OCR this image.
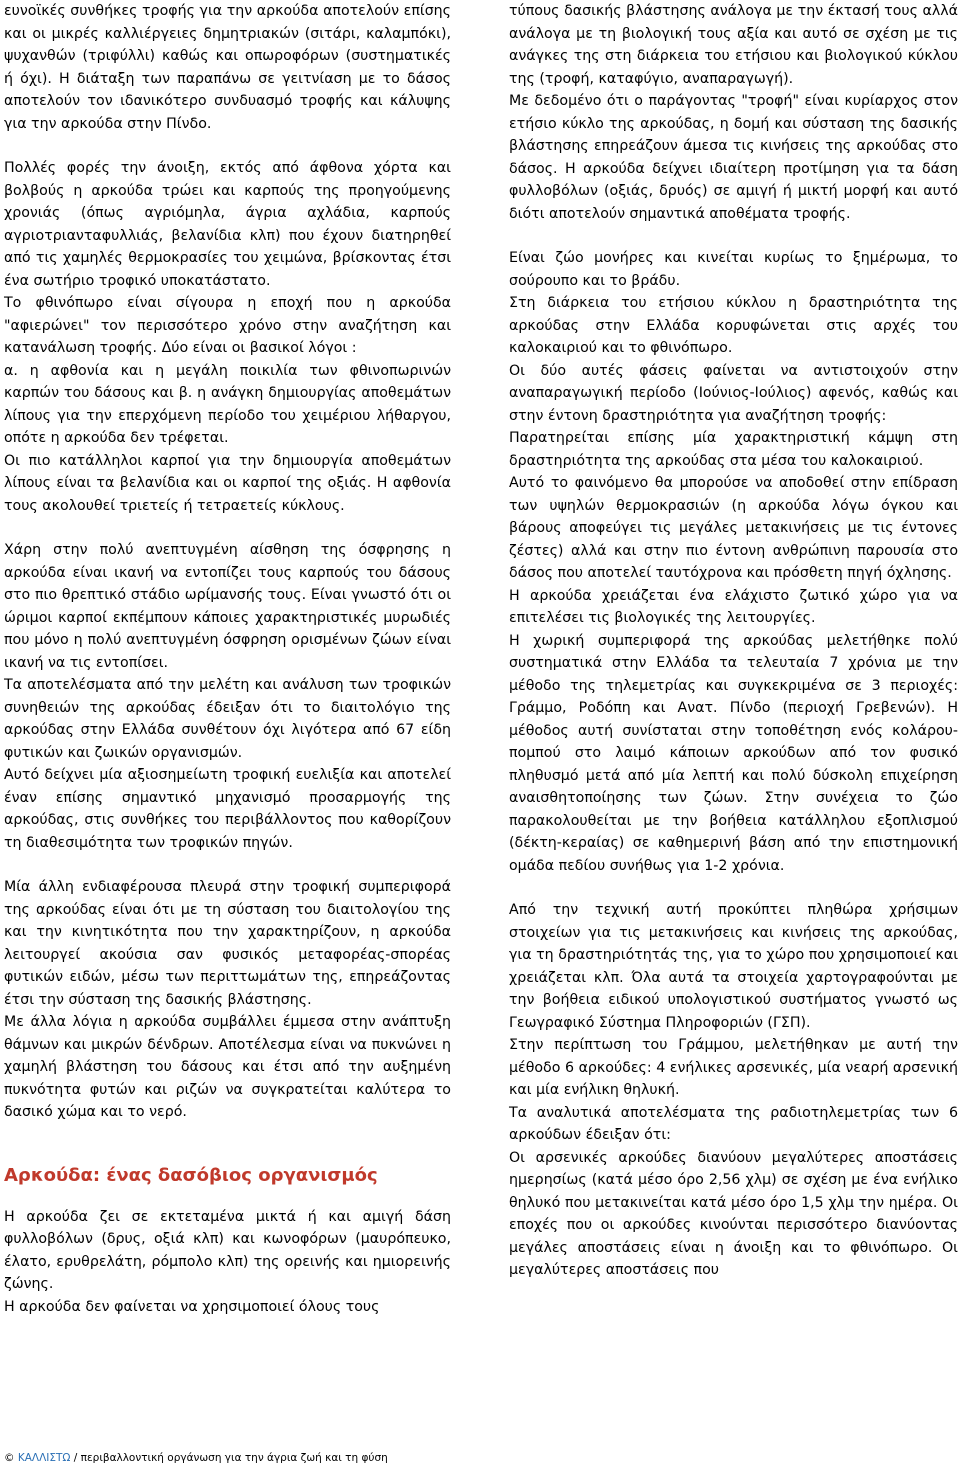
ευνοϊκές συνθήκες τροφής για την αρκούδα αποτελούν επίσης και οι μικρές καλλιέργειες δημητριακών (σιτάρι, καλαμπόκι), ψυχανθών (τριφύλλι) καθώς και οπωροφόρων (συστηματικές ή όχι). Η διάταξη των παραπάνω σε γειτνίαση με το δάσος αποτελούν τον ιδανικότερο συνδυασμό τροφής και κάλυψης για την αρκούδα στην Πίνδο.

Πολλές φορές την άνοιξη, εκτός από άφθονα χόρτα και βολβούς η αρκούδα τρώει και καρπούς της προηγούμενης χρονιάς (όπως αγριόμηλα, άγρια αχλάδια, καρπούς αγριοτριανταφυλλιάς, βελανίδια κλπ) που έχουν διατηρηθεί από τις χαμηλές θερμοκρασίες του χειμώνα, βρίσκοντας έτσι ένα σωτήριο τροφικό υποκατάστατο.

Το φθινόπωρο είναι σίγουρα η εποχή που η αρκούδα "αφιερώνει" τον περισσότερο χρόνο στην αναζήτηση και κατανάλωση τροφής. Δύο είναι οι βασικοί λόγοι :

α. η αφθονία και η μεγάλη ποικιλία των φθινοπωρινών καρπών του δάσους και β. η ανάγκη δημιουργίας αποθεμάτων λίπους για την επερχόμενη περίοδο του χειμέριου λήθαργου, οπότε η αρκούδα δεν τρέφεται.

Οι πιο κατάλληλοι καρποί για την δημιουργία αποθεμάτων λίπους είναι τα βελανίδια και οι καρποί της οξιάς. Η αφθονία τους ακολουθεί τριετείς ή τετραετείς κύκλους.

Χάρη στην πολύ ανεπτυγμένη αίσθηση της όσφρησης η αρκούδα είναι ικανή να εντοπίζει τους καρπούς του δάσους στο πιο θρεπτικό στάδιο ωρίμανσής τους. Είναι γνωστό ότι οι ώριμοι καρποί εκπέμπουν κάποιες χαρακτηριστικές μυρωδιές που μόνο η πολύ ανεπτυγμένη όσφρηση ορισμένων ζώων είναι ικανή να τις εντοπίσει.

Τα αποτελέσματα από την μελέτη και ανάλυση των τροφικών συνηθειών της αρκούδας έδειξαν ότι το διαιτολόγιο της αρκούδας στην Ελλάδα συνθέτουν όχι λιγότερα από 67 είδη φυτικών και ζωικών οργανισμών.

Αυτό δείχνει μία αξιοσημείωτη τροφική ευελιξία και αποτελεί έναν επίσης σημαντικό μηχανισμό προσαρμογής της αρκούδας, στις συνθήκες του περιβάλλοντος που καθορίζουν τη διαθεσιμότητα των τροφικών πηγών.

Μία άλλη ενδιαφέρουσα πλευρά στην τροφική συμπεριφορά της αρκούδας είναι ότι με τη σύσταση του διαιτολογίου της και την κινητικότητα που την χαρακτηρίζουν, η αρκούδα λειτουργεί ακούσια σαν φυσικός μεταφορέας-σπορέας φυτικών ειδών, μέσω των περιττωμάτων της, επηρεάζοντας έτσι την σύσταση της δασικής βλάστησης.

Με άλλα λόγια η αρκούδα συμβάλλει έμμεσα στην ανάπτυξη θάμνων και μικρών δένδρων. Αποτέλεσμα είναι να πυκνώνει η χαμηλή βλάστηση του δάσους και έτσι από την αυξημένη πυκνότητα φυτών και ριζών να συγκρατείται καλύτερα το δασικό χώμα και το νερό.

Αρκούδα: ένας δασόβιος οργανισμός

Η αρκούδα ζει σε εκτεταμένα μικτά ή και αμιγή δάση φυλλοβόλων (δρυς, οξιά κλπ) και κωνοφόρων (μαυρόπευκο, έλατο, ερυθρελάτη, ρόμπολο κλπ) της ορεινής και ημιορεινής ζώνης.

Η αρκούδα δεν φαίνεται να χρησιμοποιεί όλους τους

τύπους δασικής βλάστησης ανάλογα με την έκτασή τους αλλά ανάλογα με τη βιολογική τους αξία και αυτό σε σχέση με τις ανάγκες της στη διάρκεια του ετήσιου και βιολογικού κύκλου της (τροφή, καταφύγιο, αναπαραγωγή).

Με δεδομένο ότι ο παράγοντας "τροφή" είναι κυρίαρχος στον ετήσιο κύκλο της αρκούδας, η δομή και σύσταση της δασικής βλάστησης επηρεάζουν άμεσα τις κινήσεις της αρκούδας στο δάσος. Η αρκούδα δείχνει ιδιαίτερη προτίμηση για τα δάση φυλλοβόλων (οξιάς, δρυός) σε αμιγή ή μικτή μορφή και αυτό διότι αποτελούν σημαντικά αποθέματα τροφής.

Είναι ζώο μονήρες και κινείται κυρίως το ξημέρωμα, το σούρουπο και το βράδυ.

Στη διάρκεια του ετήσιου κύκλου η δραστηριότητα της αρκούδας στην Ελλάδα κορυφώνεται στις αρχές του καλοκαιριού και το φθινόπωρο.

Οι δύο αυτές φάσεις φαίνεται να αντιστοιχούν στην αναπαραγωγική περίοδο (Ιούνιος-Ιούλιος) αφενός, καθώς και στην έντονη δραστηριότητα για αναζήτηση τροφής:

Παρατηρείται επίσης μία χαρακτηριστική κάμψη στη δραστηριότητα της αρκούδας στα μέσα του καλοκαιριού.

Αυτό το φαινόμενο θα μπορούσε να αποδοθεί στην επίδραση των υψηλών θερμοκρασιών (η αρκούδα λόγω όγκου και βάρους αποφεύγει τις μεγάλες μετακινήσεις με τις έντονες ζέστες) αλλά και στην πιο έντονη ανθρώπινη παρουσία στο δάσος που αποτελεί ταυτόχρονα και πρόσθετη πηγή όχλησης.

Η αρκούδα χρειάζεται ένα ελάχιστο ζωτικό χώρο για να επιτελέσει τις βιολογικές της λειτουργίες.

Η χωρική συμπεριφορά της αρκούδας μελετήθηκε πολύ συστηματικά στην Ελλάδα τα τελευταία 7 χρόνια με την μέθοδο της τηλεμετρίας και συγκεκριμένα σε 3 περιοχές: Γράμμο, Ροδόπη και Ανατ. Πίνδο (περιοχή Γρεβενών). Η μέθοδος αυτή συνίσταται στην τοποθέτηση ενός κολάρου-πομπού στο λαιμό κάποιων αρκούδων από τον φυσικό πληθυσμό μετά από μία λεπτή και πολύ δύσκολη επιχείρηση αναισθητοποίησης των ζώων. Στην συνέχεια το ζώο παρακολουθείται με την βοήθεια κατάλληλου εξοπλισμού (δέκτη-κεραίας) σε καθημερινή βάση από την επιστημονική ομάδα πεδίου συνήθως για 1-2 χρόνια.

Από την τεχνική αυτή προκύπτει πληθώρα χρήσιμων στοιχείων για τις μετακινήσεις και κινήσεις της αρκούδας, για τη δραστηριότητάς της, για το χώρο που χρησιμοποιεί και χρειάζεται κλπ. Όλα αυτά τα στοιχεία χαρτογραφούνται με την βοήθεια ειδικού υπολογιστικού συστήματος γνωστό ως Γεωγραφικό Σύστημα Πληροφοριών (ΓΣΠ).

Στην περίπτωση του Γράμμου, μελετήθηκαν με αυτή την μέθοδο 6 αρκούδες: 4 ενήλικες αρσενικές, μία νεαρή αρσενική και μία ενήλικη θηλυκή.

Τα αναλυτικά αποτελέσματα της ραδιοτηλεμετρίας των 6 αρκούδων έδειξαν ότι:

Οι αρσενικές αρκούδες διανύουν μεγαλύτερες αποστάσεις ημερησίως (κατά μέσο όρο 2,56 χλμ) σε σχέση με ένα ενήλικο θηλυκό που μετακινείται κατά μέσο όρο 1,5 χλμ την ημέρα. Οι εποχές που οι αρκούδες κινούνται περισσότερο διανύοντας μεγάλες αποστάσεις είναι η άνοιξη και το φθινόπωρο. Οι μεγαλύτερες αποστάσεις που

© ΚΑΛΛΙΣΤΩ / περιβαλλοντική οργάνωση για την άγρια ζωή και τη φύση
